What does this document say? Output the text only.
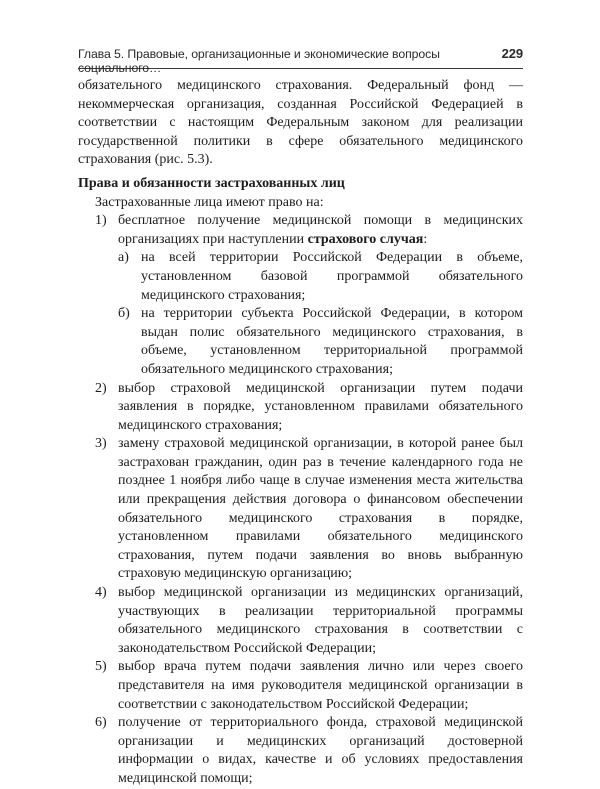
Глава 5. Правовые, организационные и экономические вопросы социального…
229

обязательного медицинского страхования. Федеральный фонд — некоммерческая организация, созданная Российской Федерацией в соответствии с настоящим Федеральным законом для реализации государственной политики в сфере обязательного медицинского страхования (рис. 5.3).

Права и обязанности застрахованных лиц

Застрахованные лица имеют право на:

1) бесплатное получение медицинской помощи в медицинских организациях при наступлении страхового случая:
а) на всей территории Российской Федерации в объеме, установленном базовой программой обязательного медицинского страхования;
б) на территории субъекта Российской Федерации, в котором выдан полис обязательного медицинского страхования, в объеме, установленном территориальной программой обязательного медицинского страхования;
2) выбор страховой медицинской организации путем подачи заявления в порядке, установленном правилами обязательного медицинского страхования;
3) замену страховой медицинской организации, в которой ранее был застрахован гражданин, один раз в течение календарного года не позднее 1 ноября либо чаще в случае изменения места жительства или прекращения действия договора о финансовом обеспечении обязательного медицинского страхования в порядке, установленном правилами обязательного медицинского страхования, путем подачи заявления во вновь выбранную страховую медицинскую организацию;
4) выбор медицинской организации из медицинских организаций, участвующих в реализации территориальной программы обязательного медицинского страхования в соответствии с законодательством Российской Федерации;
5) выбор врача путем подачи заявления лично или через своего представителя на имя руководителя медицинской организации в соответствии с законодательством Российской Федерации;
6) получение от территориального фонда, страховой медицинской организации и медицинских организаций достоверной информации о видах, качестве и об условиях предоставления медицинской помощи;
